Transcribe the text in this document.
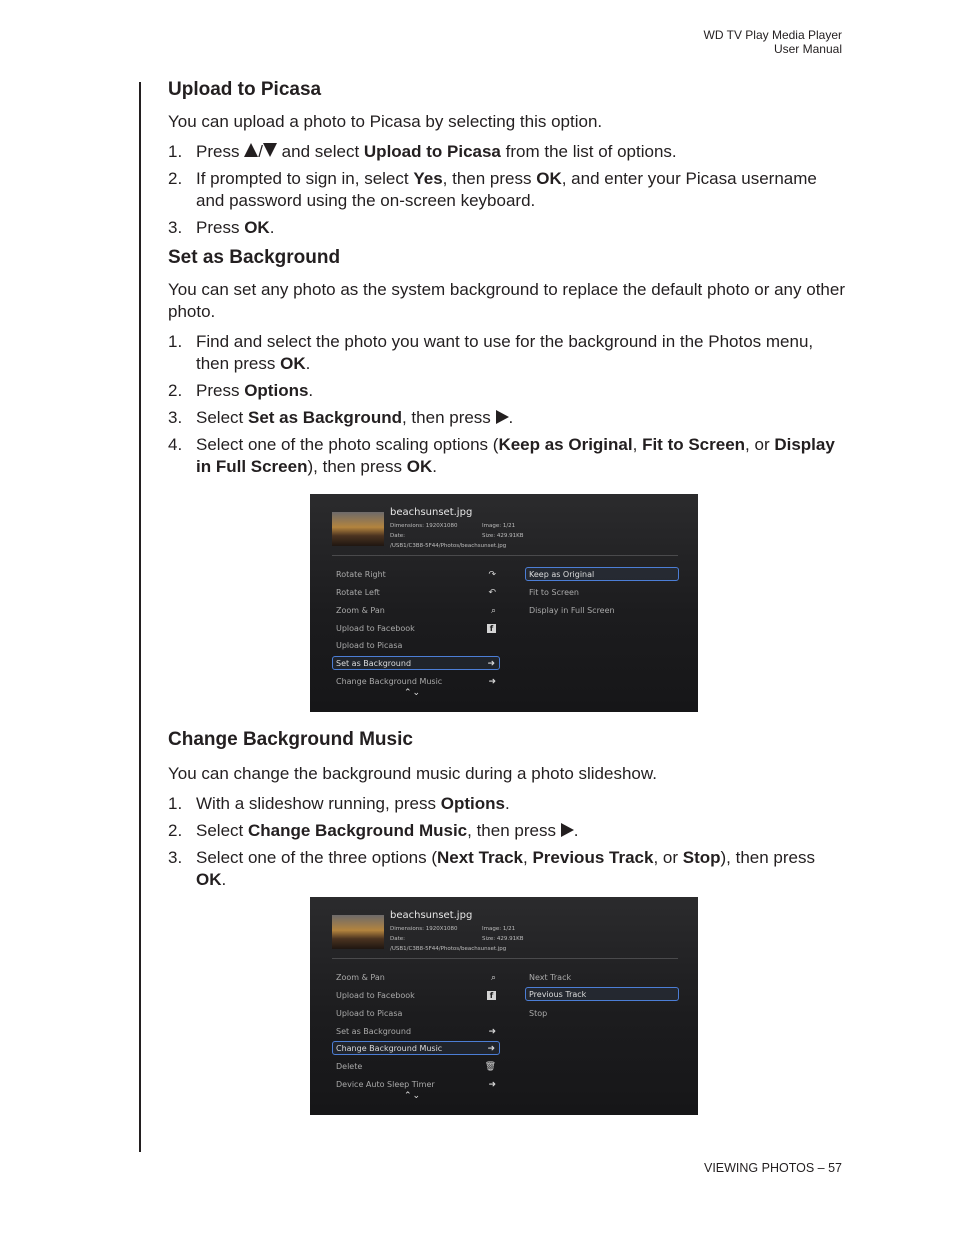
WD TV Play Media Player
User Manual
Upload to Picasa

You can upload a photo to Picasa by selecting this option.

1. Press / and select Upload to Picasa from the list of options.
2. If prompted to sign in, select Yes, then press OK, and enter your Picasa username and password using the on-screen keyboard.
3. Press OK.
Set as Background

You can set any photo as the system background to replace the default photo or any other photo.

1. Find and select the photo you want to use for the background in the Photos menu, then press OK.
2. Press Options.
3. Select Set as Background, then press .
4. Select one of the photo scaling options (Keep as Original, Fit to Screen, or Display in Full Screen), then press OK.
Change Background Music

You can change the background music during a photo slideshow.

1. With a slideshow running, press Options.
2. Select Change Background Music, then press .
3. Select one of the three options (Next Track, Previous Track, or Stop), then press OK.
beachsunset.jpg
Dimensions: 1920X1080	Image: 1/21
Date:	Size: 429.91KB
/USB1/C3B8-5F44/Photos/beachsunset.jpg
Rotate Right	↷
Rotate Left	↶
Zoom & Pan	⌕
Upload to Facebook	f
Upload to Picasa
Set as Background	➜
Change Background Music	➜
⌃⌄
Keep as Original
Fit to Screen
Display in Full Screen
beachsunset.jpg
Dimensions: 1920X1080	Image: 1/21
Date:	Size: 429.91KB
/USB1/C3B8-5F44/Photos/beachsunset.jpg
Zoom & Pan	⌕
Upload to Facebook	f
Upload to Picasa
Set as Background	➜
Change Background Music	➜
Delete	🗑
Device Auto Sleep Timer	➜
⌃⌄
Next Track
Previous Track
Stop
VIEWING PHOTOS – 57
